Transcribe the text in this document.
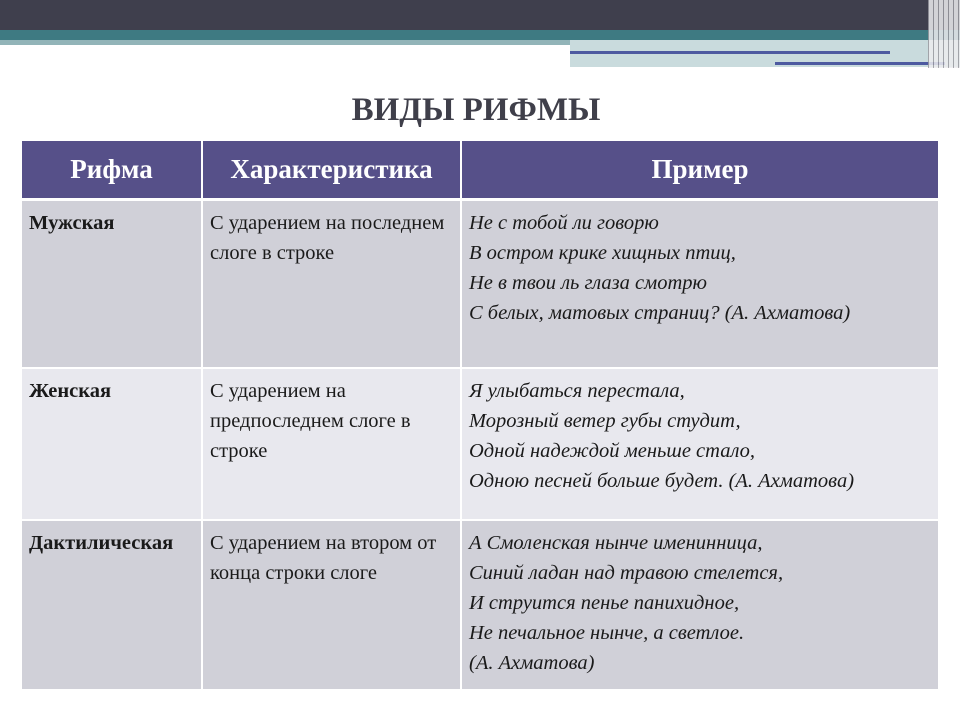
ВИДЫ РИФМЫ
Рифма	Характеристика	Пример
Мужская	С ударением на последнем слоге в строке	Не с тобой ли говорю
В остром крике хищных птиц,
Не в твои ль глаза смотрю
С белых, матовых страниц? (А. Ахматова)

Женская	С ударением на предпоследнем слоге в строке	Я улыбаться перестала,
Морозный ветер губы студит,
Одной надеждой меньше стало,
Одною песней больше будет. (А. Ахматова)

Дактилическая	С ударением на втором от конца строки слоге	А Смоленская нынче именинница,
Синий ладан над травою стелется,
И струится пенье панихидное,
Не печальное нынче, а светлое.
(А. Ахматова)
